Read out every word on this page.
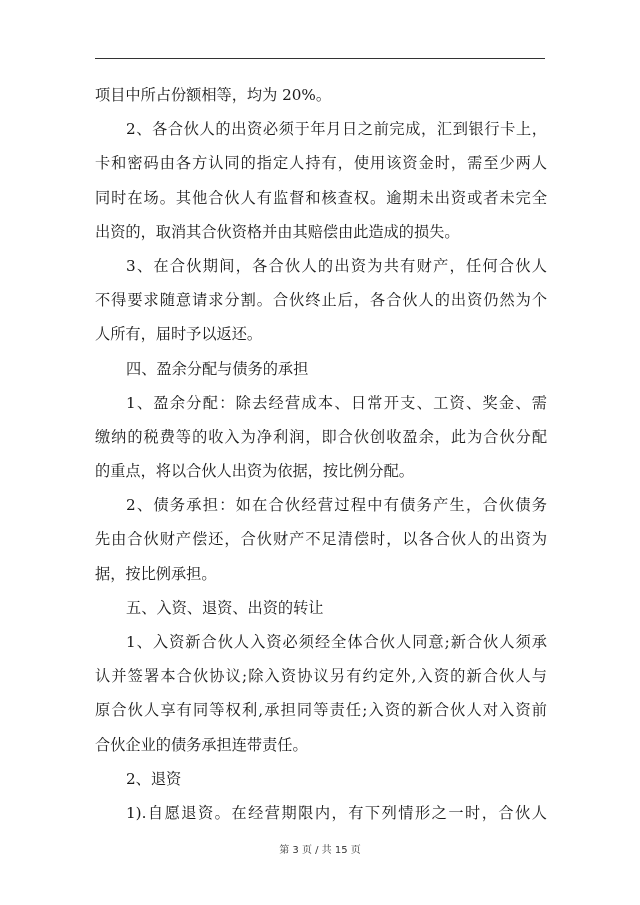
项目中所占份额相等，均为 20%。
2、各合伙人的出资必须于年月日之前完成，汇到银行卡上，
卡和密码由各方认同的指定人持有，使用该资金时，需至少两人
同时在场。其他合伙人有监督和核查权。逾期未出资或者未完全
出资的，取消其合伙资格并由其赔偿由此造成的损失。
3、在合伙期间，各合伙人的出资为共有财产，任何合伙人
不得要求随意请求分割。合伙终止后，各合伙人的出资仍然为个
人所有，届时予以返还。
四、盈余分配与债务的承担
1、盈余分配：除去经营成本、日常开支、工资、奖金、需
缴纳的税费等的收入为净利润，即合伙创收盈余，此为合伙分配
的重点，将以合伙人出资为依据，按比例分配。
2、债务承担：如在合伙经营过程中有债务产生，合伙债务
先由合伙财产偿还，合伙财产不足清偿时，以各合伙人的出资为
据，按比例承担。
五、入资、退资、出资的转让
1、入资新合伙人入资必须经全体合伙人同意;新合伙人须承
认并签署本合伙协议;除入资协议另有约定外,入资的新合伙人与
原合伙人享有同等权利,承担同等责任;入资的新合伙人对入资前
合伙企业的债务承担连带责任。
2、退资
1).自愿退资。在经营期限内，有下列情形之一时，合伙人
第 3 页 / 共 15 页
